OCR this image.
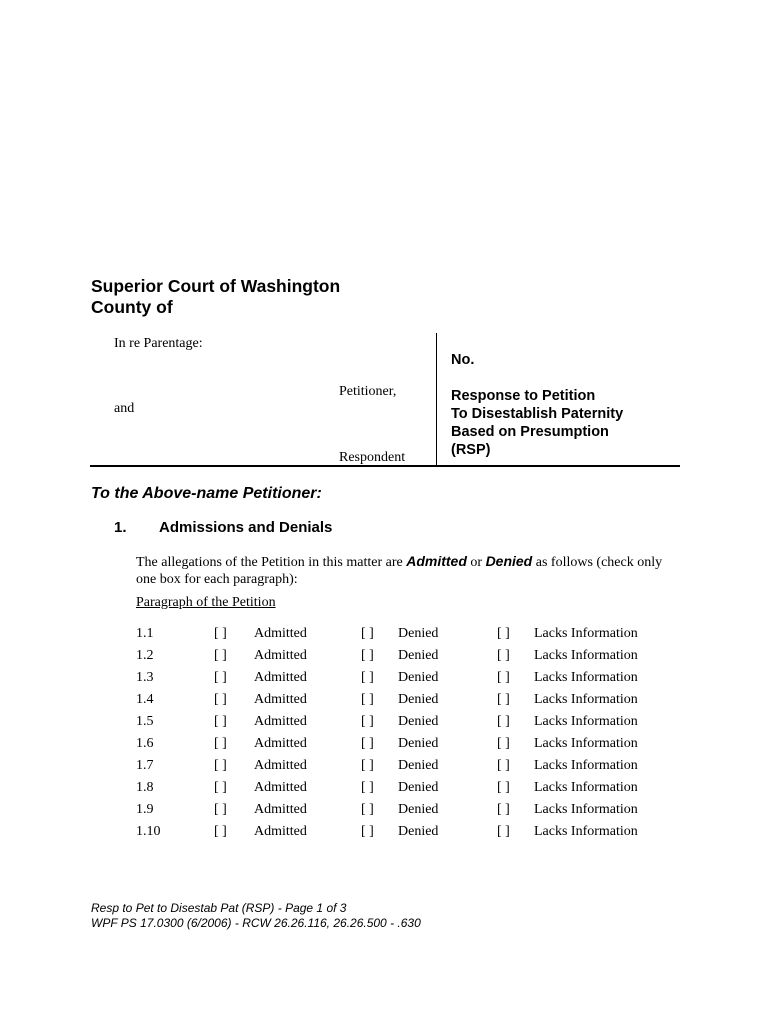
Superior Court of Washington
County of
In re Parentage:
Petitioner,
and
Respondent
No.
Response to Petition
To Disestablish Paternity
Based on Presumption
(RSP)
To the Above-name Petitioner:
1. Admissions and Denials
The allegations of the Petition in this matter are Admitted or Denied as follows (check only one box for each paragraph):
Paragraph of the Petition
1.1	[ ] Admitted	[ ] Denied	[ ] Lacks Information
1.2	[ ] Admitted	[ ] Denied	[ ] Lacks Information
1.3	[ ] Admitted	[ ] Denied	[ ] Lacks Information
1.4	[ ] Admitted	[ ] Denied	[ ] Lacks Information
1.5	[ ] Admitted	[ ] Denied	[ ] Lacks Information
1.6	[ ] Admitted	[ ] Denied	[ ] Lacks Information
1.7	[ ] Admitted	[ ] Denied	[ ] Lacks Information
1.8	[ ] Admitted	[ ] Denied	[ ] Lacks Information
1.9	[ ] Admitted	[ ] Denied	[ ] Lacks Information
1.10	[ ] Admitted	[ ] Denied	[ ] Lacks Information
Resp to Pet to Disestab Pat (RSP) - Page 1 of 3
WPF PS 17.0300 (6/2006) - RCW 26.26.116, 26.26.500 - .630
